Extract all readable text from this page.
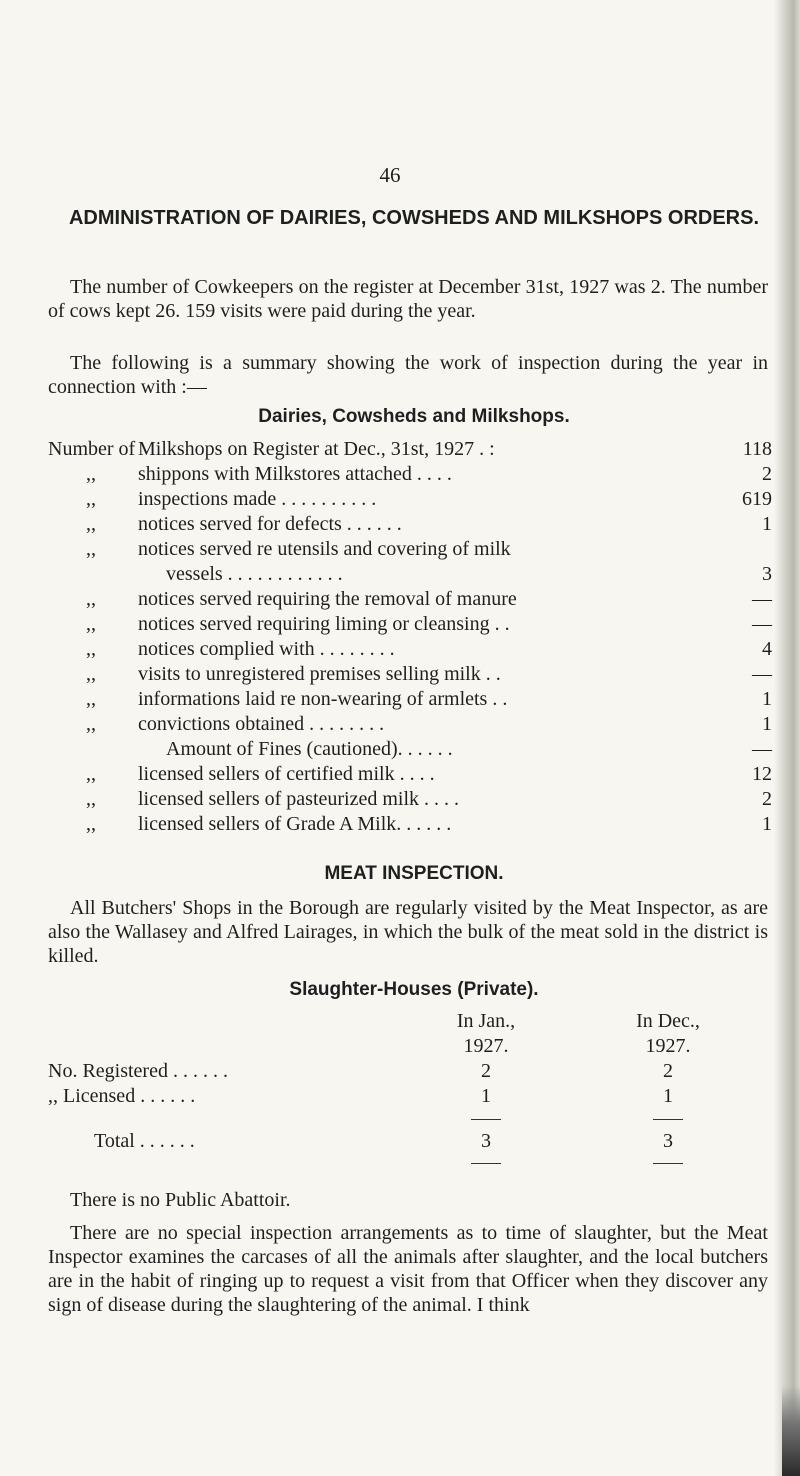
46
ADMINISTRATION OF DAIRIES, COWSHEDS AND MILKSHOPS ORDERS.
The number of Cowkeepers on the register at December 31st, 1927 was 2. The number of cows kept 26. 159 visits were paid during the year.
The following is a summary showing the work of inspection during the year in connection with :—
Dairies, Cowsheds and Milkshops.
Number of Milkshops on Register at Dec., 31st, 1927 . :	118
,, shippons with Milkstores attached . . . .	2
,, inspections made . . . . . . . . . .	619
,, notices served for defects . . . . . .	1
,, notices served re utensils and covering of milk
vessels . . . . . . . . . . . .	3
,, notices served requiring the removal of manure	—
,, notices served requiring liming or cleansing . .	—
,, notices complied with . . . . . . . .	4
,, visits to unregistered premises selling milk . .	—
,, informations laid re non-wearing of armlets . .	1
,, convictions obtained . . . . . . . .	1
Amount of Fines (cautioned). . . . . .	—
,, licensed sellers of certified milk . . . .	12
,, licensed sellers of pasteurized milk . . . .	2
,, licensed sellers of Grade A Milk. . . . . .	1
MEAT INSPECTION.
All Butchers' Shops in the Borough are regularly visited by the Meat Inspector, as are also the Wallasey and Alfred Lairages, in which the bulk of the meat sold in the district is killed.
Slaughter-Houses (Private).
In Jan.,	In Dec.,
1927.	1927.
No. Registered . . . . . .	2	2
,, Licensed . . . . . .	1	1
Total . . . . . .	3	3
There is no Public Abattoir.
There are no special inspection arrangements as to time of slaughter, but the Meat Inspector examines the carcases of all the animals after slaughter, and the local butchers are in the habit of ringing up to request a visit from that Officer when they discover any sign of disease during the slaughtering of the animal. I think
